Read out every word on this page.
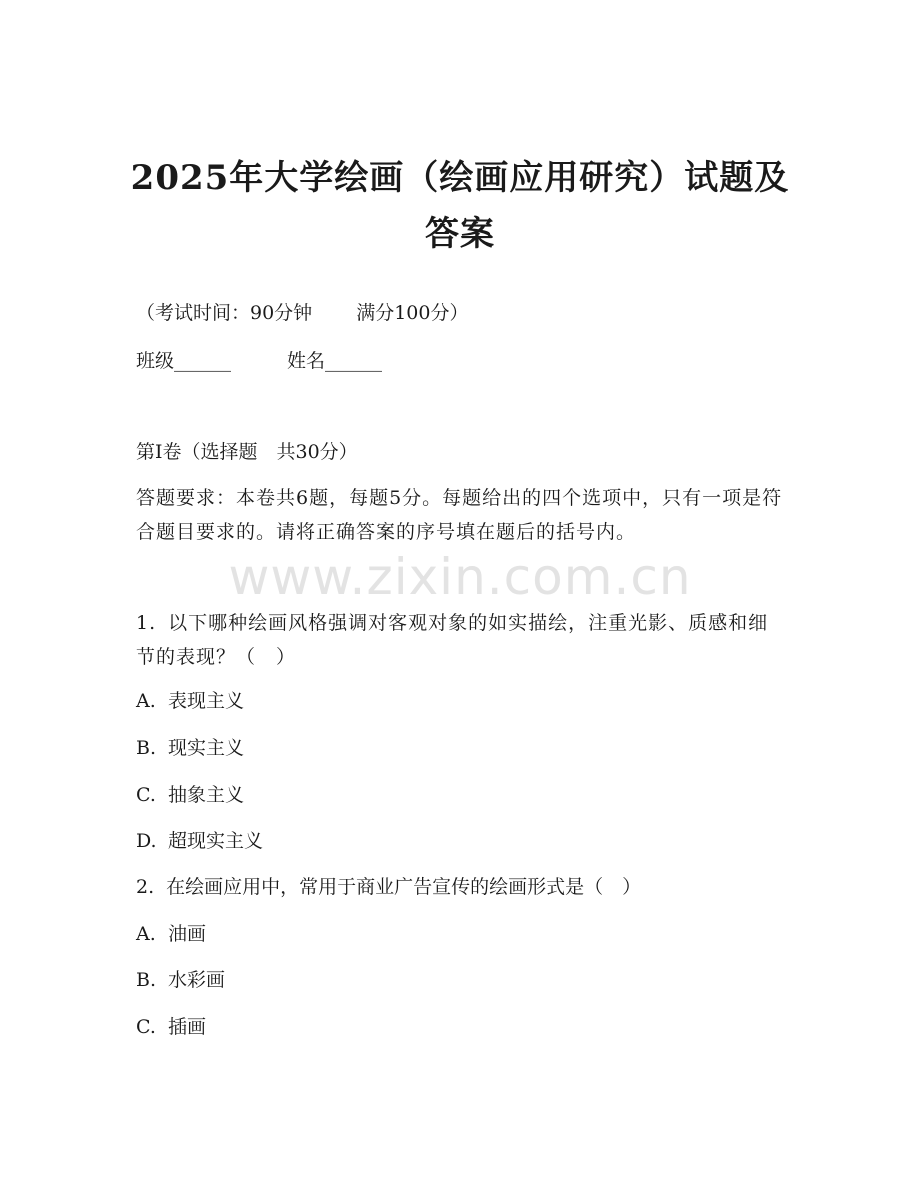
2025年大学绘画（绘画应用研究）试题及答案
（考试时间：90分钟 满分100分）
班级______	姓名______
第I卷（选择题　共30分）
答题要求：本卷共6题，每题5分。每题给出的四个选项中，只有一项是符合题目要求的。请将正确答案的序号填在题后的括号内。
www.zixin.com.cn
1. 以下哪种绘画风格强调对客观对象的如实描绘，注重光影、质感和细节的表现？（　）
A. 表现主义
B. 现实主义
C. 抽象主义
D. 超现实主义
2. 在绘画应用中，常用于商业广告宣传的绘画形式是（　）
A. 油画
B. 水彩画
C. 插画
